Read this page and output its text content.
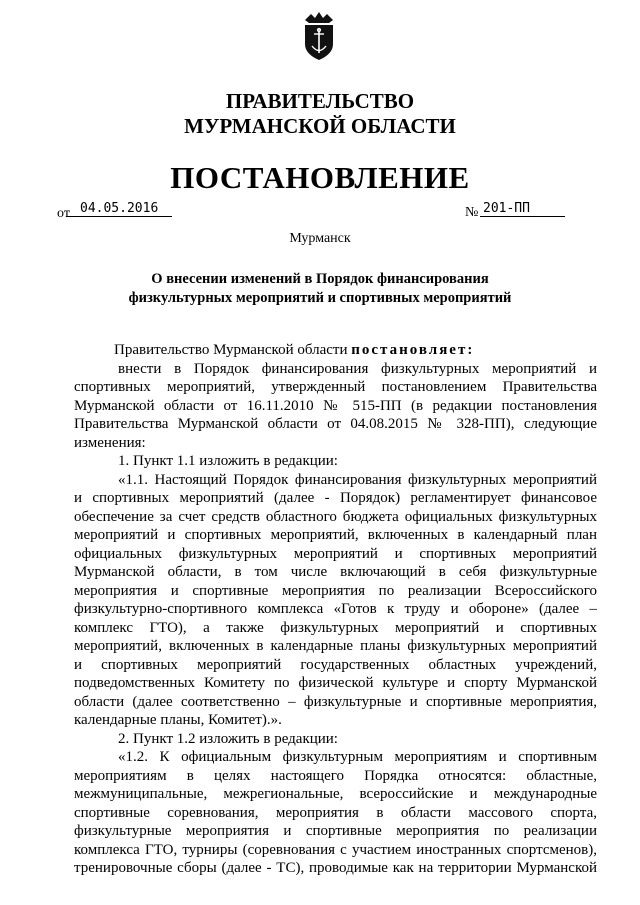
ПРАВИТЕЛЬСТВО
МУРМАНСКОЙ ОБЛАСТИ
ПОСТАНОВЛЕНИЕ
от 04.05.2016	№ 201-ПП
Мурманск
О внесении изменений в Порядок финансирования
физкультурных мероприятий и спортивных мероприятий
Правительство Мурманской области постановляет:
внести в Порядок финансирования физкультурных мероприятий и
спортивных мероприятий, утвержденный постановлением Правительства
Мурманской области от 16.11.2010 № 515-ПП (в редакции постановления
Правительства Мурманской области от 04.08.2015 № 328-ПП), следующие
изменения:
1. Пункт 1.1 изложить в редакции:
«1.1. Настоящий Порядок финансирования физкультурных мероприятий
и спортивных мероприятий (далее - Порядок) регламентирует финансовое
обеспечение за счет средств областного бюджета официальных физкультурных
мероприятий и спортивных мероприятий, включенных в календарный план
официальных физкультурных мероприятий и спортивных мероприятий
Мурманской области, в том числе включающий в себя физкультурные
мероприятия и спортивные мероприятия по реализации Всероссийского
физкультурно-спортивного комплекса «Готов к труду и обороне» (далее –
комплекс ГТО), а также физкультурных мероприятий и спортивных
мероприятий, включенных в календарные планы физкультурных мероприятий
и спортивных мероприятий государственных областных учреждений,
подведомственных Комитету по физической культуре и спорту Мурманской
области (далее соответственно – физкультурные и спортивные мероприятия,
календарные планы, Комитет).».
2. Пункт 1.2 изложить в редакции:
«1.2. К официальным физкультурным мероприятиям и спортивным
мероприятиям в целях настоящего Порядка относятся: областные,
межмуниципальные, межрегиональные, всероссийские и международные
спортивные соревнования, мероприятия в области массового спорта,
физкультурные мероприятия и спортивные мероприятия по реализации
комплекса ГТО, турниры (соревнования с участием иностранных спортсменов),
тренировочные сборы (далее - ТС), проводимые как на территории Мурманской
